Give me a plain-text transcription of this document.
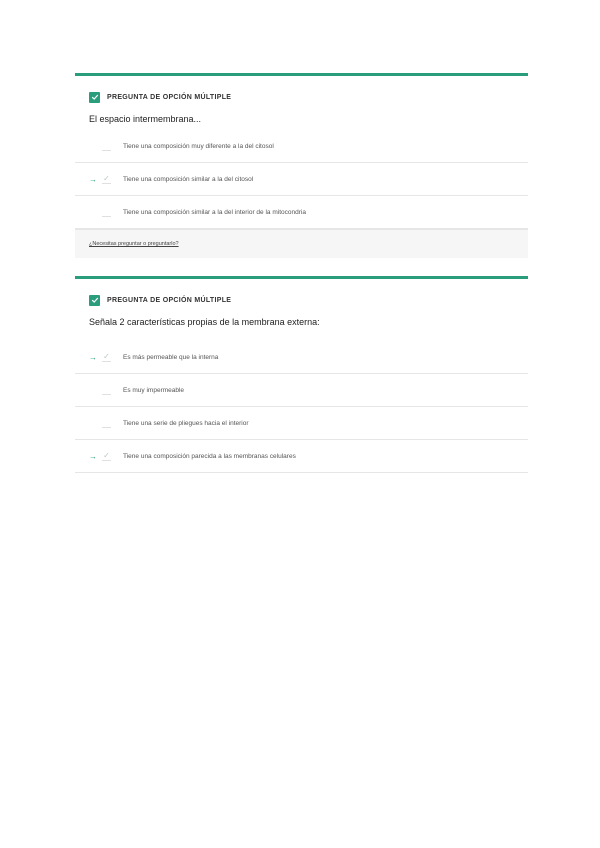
PREGUNTA DE OPCIÓN MÚLTIPLE
El espacio intermembrana...
Tiene una composición muy diferente a la del citosol
→ ✓ Tiene una composición similar a la del citosol
Tiene una composición similar a la del interior de la mitocondria
¿Necesitas preguntar o preguntarlo?
PREGUNTA DE OPCIÓN MÚLTIPLE
Señala 2 características propias de la membrana externa:
→ ✓ Es más permeable que la interna
Es muy impermeable
Tiene una serie de pliegues hacia el interior
→ ✓ Tiene una composición parecida a las membranas celulares
